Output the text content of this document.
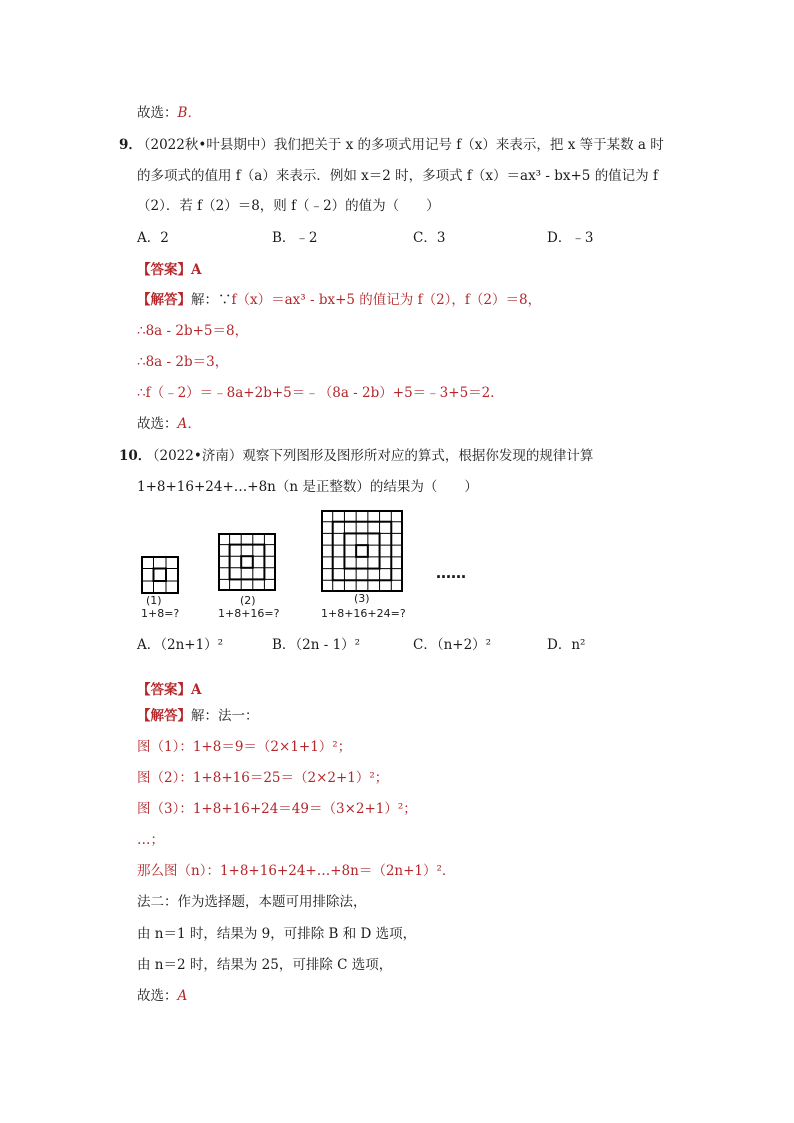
故选：B．
9．
（2022秋•叶县期中）我们把关于 x 的多项式用记号 f（x）来表示，把 x 等于某数 a 时
的多项式的值用 f（a）来表示．例如 x＝2 时，多项式 f（x）＝ax³ - bx+5 的值记为 f
（2）．若 f（2）＝8，则 f（﹣2）的值为（　　）
A．2	B．﹣2	C．3	D．﹣3
【答案】A
【解答】解：∵f（x）＝ax³ - bx+5 的值记为 f（2），f（2）＝8，
∴8a - 2b+5＝8，
∴8a - 2b＝3，
∴f（﹣2）＝﹣8a+2b+5＝﹣（8a - 2b）+5＝﹣3+5＝2．
故选：A．
10．
（2022•济南）观察下列图形及图形所对应的算式，根据你发现的规律计算
1+8+16+24+…+8n（n 是正整数）的结果为（　　）
(1)
1+8=?
(2)
1+8+16=?
(3)
1+8+16+24=?
……
A．（2n+1）²	B．（2n - 1）²	C．（n+2）²	D．n²
【答案】A
【解答】解：法一：
图（1）：1+8＝9＝（2×1+1）²；
图（2）：1+8+16＝25＝（2×2+1）²；
图（3）：1+8+16+24＝49＝（3×2+1）²；
…；
那么图（n）：1+8+16+24+…+8n＝（2n+1）²．
法二：作为选择题，本题可用排除法，
由 n＝1 时，结果为 9，可排除 B 和 D 选项，
由 n＝2 时，结果为 25，可排除 C 选项，
故选：A
